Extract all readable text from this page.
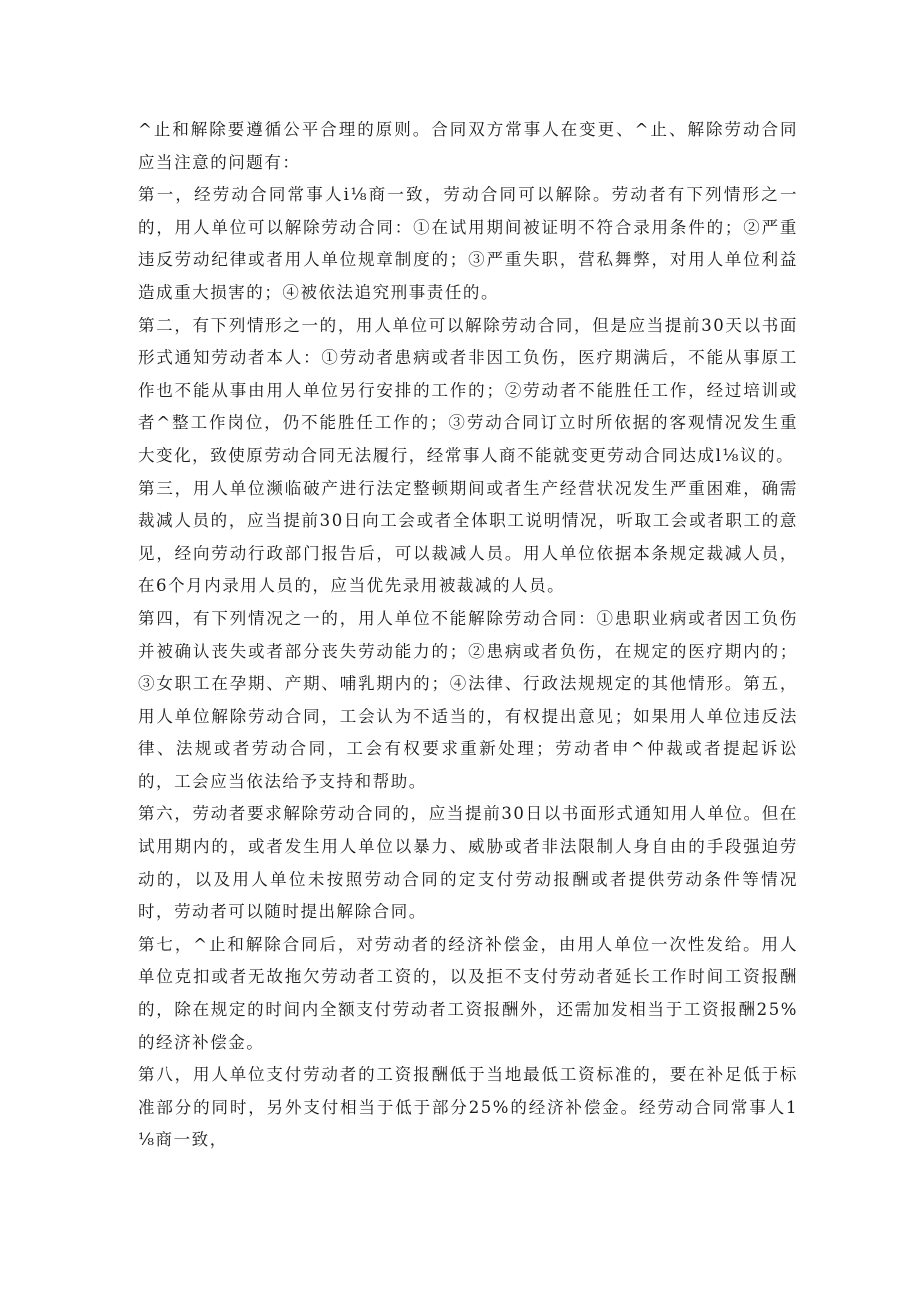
^止和解除要遵循公平合理的原则。合同双方常事人在变更、^止、解除劳动合同应当注意的问题有：

第一，经劳动合同常事人i⅛商一致，劳动合同可以解除。劳动者有下列情形之一的，用人单位可以解除劳动合同：①在试用期间被证明不符合录用条件的；②严重违反劳动纪律或者用人单位规章制度的；③严重失职，营私舞弊，对用人单位利益造成重大损害的；④被依法追究刑事责任的。

第二，有下列情形之一的，用人单位可以解除劳动合同，但是应当提前30天以书面形式通知劳动者本人：①劳动者患病或者非因工负伤，医疗期满后，不能从事原工作也不能从事由用人单位另行安排的工作的；②劳动者不能胜任工作，经过培训或者^整工作岗位，仍不能胜任工作的；③劳动合同订立时所依据的客观情况发生重大变化，致使原劳动合同无法履行，经常事人商不能就变更劳动合同达成l⅛议的。

第三，用人单位濒临破产进行法定整顿期间或者生产经营状况发生严重困难，确需裁减人员的，应当提前30日向工会或者全体职工说明情况，听取工会或者职工的意见，经向劳动行政部门报告后，可以裁减人员。用人单位依据本条规定裁减人员，在6个月内录用人员的，应当优先录用被裁减的人员。

第四，有下列情况之一的，用人单位不能解除劳动合同：①患职业病或者因工负伤并被确认丧失或者部分丧失劳动能力的；②患病或者负伤，在规定的医疗期内的；③女职工在孕期、产期、哺乳期内的；④法律、行政法规规定的其他情形。第五，用人单位解除劳动合同，工会认为不适当的，有权提出意见；如果用人单位违反法律、法规或者劳动合同，工会有权要求重新处理；劳动者申^仲裁或者提起诉讼的，工会应当依法给予支持和帮助。

第六，劳动者要求解除劳动合同的，应当提前30日以书面形式通知用人单位。但在试用期内的，或者发生用人单位以暴力、威胁或者非法限制人身自由的手段强迫劳动的，以及用人单位未按照劳动合同的定支付劳动报酬或者提供劳动条件等情况时，劳动者可以随时提出解除合同。

第七，^止和解除合同后，对劳动者的经济补偿金，由用人单位一次性发给。用人单位克扣或者无故拖欠劳动者工资的，以及拒不支付劳动者延长工作时间工资报酬的，除在规定的时间内全额支付劳动者工资报酬外，还需加发相当于工资报酬25%的经济补偿金。

第八，用人单位支付劳动者的工资报酬低于当地最低工资标准的，要在补足低于标准部分的同时，另外支付相当于低于部分25%的经济补偿金。经劳动合同常事人1⅛商一致，
